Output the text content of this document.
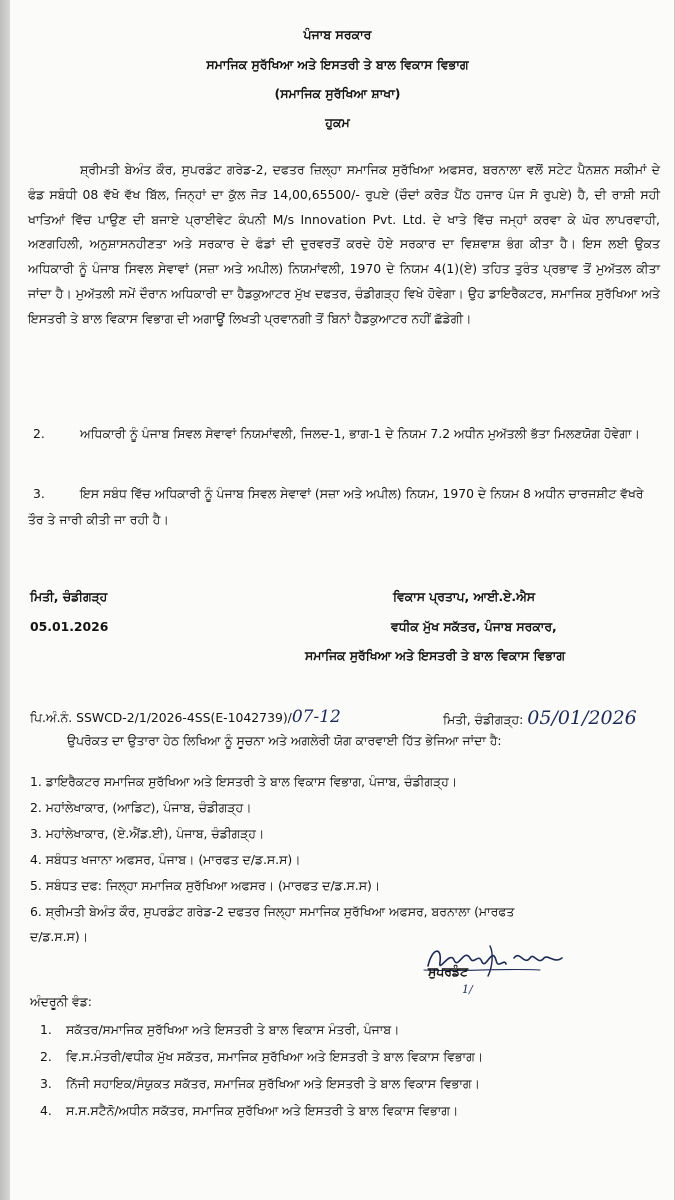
ਪੰਜਾਬ ਸਰਕਾਰ

ਸਮਾਜਿਕ ਸੁਰੱਖਿਆ ਅਤੇ ਇਸਤਰੀ ਤੇ ਬਾਲ ਵਿਕਾਸ ਵਿਭਾਗ

(ਸਮਾਜਿਕ ਸੁਰੱਖਿਆ ਸ਼ਾਖਾ)

ਹੁਕਮ

ਸ਼੍ਰੀਮਤੀ ਬੇਅੰਤ ਕੌਰ, ਸੁਪਰਡੰਟ ਗਰੇਡ-2, ਦਫਤਰ ਜ਼ਿਲ੍ਹਾ ਸਮਾਜਿਕ ਸੁਰੱਖਿਆ ਅਫਸਰ, ਬਰਨਾਲਾ ਵਲੋਂ ਸਟੇਟ ਪੈਨਸ਼ਨ ਸਕੀਮਾਂ ਦੇ ਫੰਡ ਸਬੰਧੀ 08 ਵੱਖੋ ਵੱਖ ਬਿੱਲ, ਜਿਨ੍ਹਾਂ ਦਾ ਕੁੱਲ ਜੋੜ 14,00,65500/- ਰੁਪਏ (ਚੌਦਾਂ ਕਰੋੜ ਪੈਂਠ ਹਜਾਰ ਪੰਜ ਸੋ ਰੁਪਏ) ਹੈ, ਦੀ ਰਾਸ਼ੀ ਸਹੀ ਖਾਤਿਆਂ ਵਿੱਚ ਪਾਉਣ ਦੀ ਬਜਾਏ ਪ੍ਰਾਈਵੇਟ ਕੰਪਨੀ M/s Innovation Pvt. Ltd. ਦੇ ਖਾਤੇ ਵਿੱਚ ਜਮ੍ਹਾਂ ਕਰਵਾ ਕੇ ਘੋਰ ਲਾਪਰਵਾਹੀ, ਅਣਗਹਿਲੀ, ਅਨੁਸ਼ਾਸਨਹੀਣਤਾ ਅਤੇ ਸਰਕਾਰ ਦੇ ਫੰਡਾਂ ਦੀ ਦੁਰਵਰਤੋਂ ਕਰਦੇ ਹੋਏ ਸਰਕਾਰ ਦਾ ਵਿਸ਼ਵਾਸ਼ ਭੰਗ ਕੀਤਾ ਹੈ। ਇਸ ਲਈ ਉਕਤ ਅਧਿਕਾਰੀ ਨੂੰ ਪੰਜਾਬ ਸਿਵਲ ਸੇਵਾਵਾਂ (ਸਜ਼ਾ ਅਤੇ ਅਪੀਲ) ਨਿਯਮਾਂਵਲੀ, 1970 ਦੇ ਨਿਯਮ 4(1)(ਏ) ਤਹਿਤ ਤੁਰੰਤ ਪ੍ਰਭਾਵ ਤੋਂ ਮੁਅੱਤਲ ਕੀਤਾ ਜਾਂਦਾ ਹੈ। ਮੁਅੱਤਲੀ ਸਮੇਂ ਦੌਰਾਨ ਅਧਿਕਾਰੀ ਦਾ ਹੈਡਕੁਆਟਰ ਮੁੱਖ ਦਫਤਰ, ਚੰਡੀਗੜ੍ਹ ਵਿਖੇ ਹੋਵੇਗਾ। ਉਹ ਡਾਇਰੈਕਟਰ, ਸਮਾਜਿਕ ਸੁਰੱਖਿਆ ਅਤੇ ਇਸਤਰੀ ਤੇ ਬਾਲ ਵਿਕਾਸ ਵਿਭਾਗ ਦੀ ਅਗਾਊਂ ਲਿਖਤੀ ਪ੍ਰਵਾਨਗੀ ਤੋਂ ਬਿਨਾਂ ਹੈਡਕੁਆਟਰ ਨਹੀਂ ਛੱਡੇਗੀ।

2.	ਅਧਿਕਾਰੀ ਨੂੰ ਪੰਜਾਬ ਸਿਵਲ ਸੇਵਾਵਾਂ ਨਿਯਮਾਂਵਲੀ, ਜਿਲਦ-1, ਭਾਗ-1 ਦੇ ਨਿਯਮ 7.2 ਅਧੀਨ ਮੁਅੱਤਲੀ ਭੱਤਾ ਮਿਲਣਯੋਗ ਹੋਵੇਗਾ।
3.	ਇਸ ਸਬੰਧ ਵਿੱਚ ਅਧਿਕਾਰੀ ਨੂੰ ਪੰਜਾਬ ਸਿਵਲ ਸੇਵਾਵਾਂ (ਸਜ਼ਾ ਅਤੇ ਅਪੀਲ) ਨਿਯਮ, 1970 ਦੇ ਨਿਯਮ 8 ਅਧੀਨ ਚਾਰਜਸ਼ੀਟ ਵੱਖਰੇ ਤੌਰ ਤੇ ਜਾਰੀ ਕੀਤੀ ਜਾ ਰਹੀ ਹੈ।

ਮਿਤੀ, ਚੰਡੀਗੜ੍ਹ

05.01.2026

ਵਿਕਾਸ ਪ੍ਰਤਾਪ, ਆਈ.ਏ.ਐਸ

ਵਧੀਕ ਮੁੱਖ ਸਕੱਤਰ, ਪੰਜਾਬ ਸਰਕਾਰ,

ਸਮਾਜਿਕ ਸੁਰੱਖਿਆ ਅਤੇ ਇਸਤਰੀ ਤੇ ਬਾਲ ਵਿਕਾਸ ਵਿਭਾਗ

ਪਿ.ਅੰ.ਨੰ. SSWCD-2/1/2026-4SS(E-1042739)/07-12	ਮਿਤੀ, ਚੰਡੀਗੜ੍ਹ: 05/01/2026

ਉਪਰੋਕਤ ਦਾ ਉਤਾਰਾ ਹੇਠ ਲਿਖਿਆ ਨੂੰ ਸੂਚਨਾ ਅਤੇ ਅਗਲੇਰੀ ਯੋਗ ਕਾਰਵਾਈ ਹਿੱਤ ਭੇਜਿਆ ਜਾਂਦਾ ਹੈ:

1. ਡਾਇਰੈਕਟਰ ਸਮਾਜਿਕ ਸੁਰੱਖਿਆ ਅਤੇ ਇਸਤਰੀ ਤੇ ਬਾਲ ਵਿਕਾਸ ਵਿਭਾਗ, ਪੰਜਾਬ, ਚੰਡੀਗੜ੍ਹ।

2. ਮਹਾਂਲੇਖਾਕਾਰ, (ਆਡਿਟ), ਪੰਜਾਬ, ਚੰਡੀਗੜ੍ਹ।

3. ਮਹਾਂਲੇਖਾਕਾਰ, (ਏ.ਐਂਡ.ਈ), ਪੰਜਾਬ, ਚੰਡੀਗੜ੍ਹ।

4. ਸਬੰਧਤ ਖਜਾਨਾ ਅਫਸਰ, ਪੰਜਾਬ। (ਮਾਰਫਤ ਦ/ਡ.ਸ.ਸ)।

5. ਸਬੰਧਤ ਦਫ: ਜਿਲ੍ਹਾ ਸਮਾਜਿਕ ਸੁਰੱਖਿਆ ਅਫਸਰ। (ਮਾਰਫਤ ਦ/ਡ.ਸ.ਸ)।

6. ਸ਼੍ਰੀਮਤੀ ਬੇਅੰਤ ਕੌਰ, ਸੁਪਰਡੰਟ ਗਰੇਡ-2 ਦਫਤਰ ਜਿਲ੍ਹਾ ਸਮਾਜਿਕ ਸੁਰੱਖਿਆ ਅਫਸਰ, ਬਰਨਾਲਾ (ਮਾਰਫਤ

ਦ/ਡ.ਸ.ਸ)।

ਸੁਪਰਡੰਟ

1/

ਅੰਦਰੂਨੀ ਵੰਡ:

1. ਸਕੱਤਰ/ਸਮਾਜਿਕ ਸੁਰੱਖਿਆ ਅਤੇ ਇਸਤਰੀ ਤੇ ਬਾਲ ਵਿਕਾਸ ਮੰਤਰੀ, ਪੰਜਾਬ।
2. ਵਿ.ਸ.ਮੰਤਰੀ/ਵਧੀਕ ਮੁੱਖ ਸਕੱਤਰ, ਸਮਾਜਿਕ ਸੁਰੱਖਿਆ ਅਤੇ ਇਸਤਰੀ ਤੇ ਬਾਲ ਵਿਕਾਸ ਵਿਭਾਗ।
3. ਨਿੱਜੀ ਸਹਾਇਕ/ਸੰਯੁਕਤ ਸਕੱਤਰ, ਸਮਾਜਿਕ ਸੁਰੱਖਿਆ ਅਤੇ ਇਸਤਰੀ ਤੇ ਬਾਲ ਵਿਕਾਸ ਵਿਭਾਗ।
4. ਸ.ਸ.ਸਟੈਨੋ/ਅਧੀਨ ਸਕੱਤਰ, ਸਮਾਜਿਕ ਸੁਰੱਖਿਆ ਅਤੇ ਇਸਤਰੀ ਤੇ ਬਾਲ ਵਿਕਾਸ ਵਿਭਾਗ।
